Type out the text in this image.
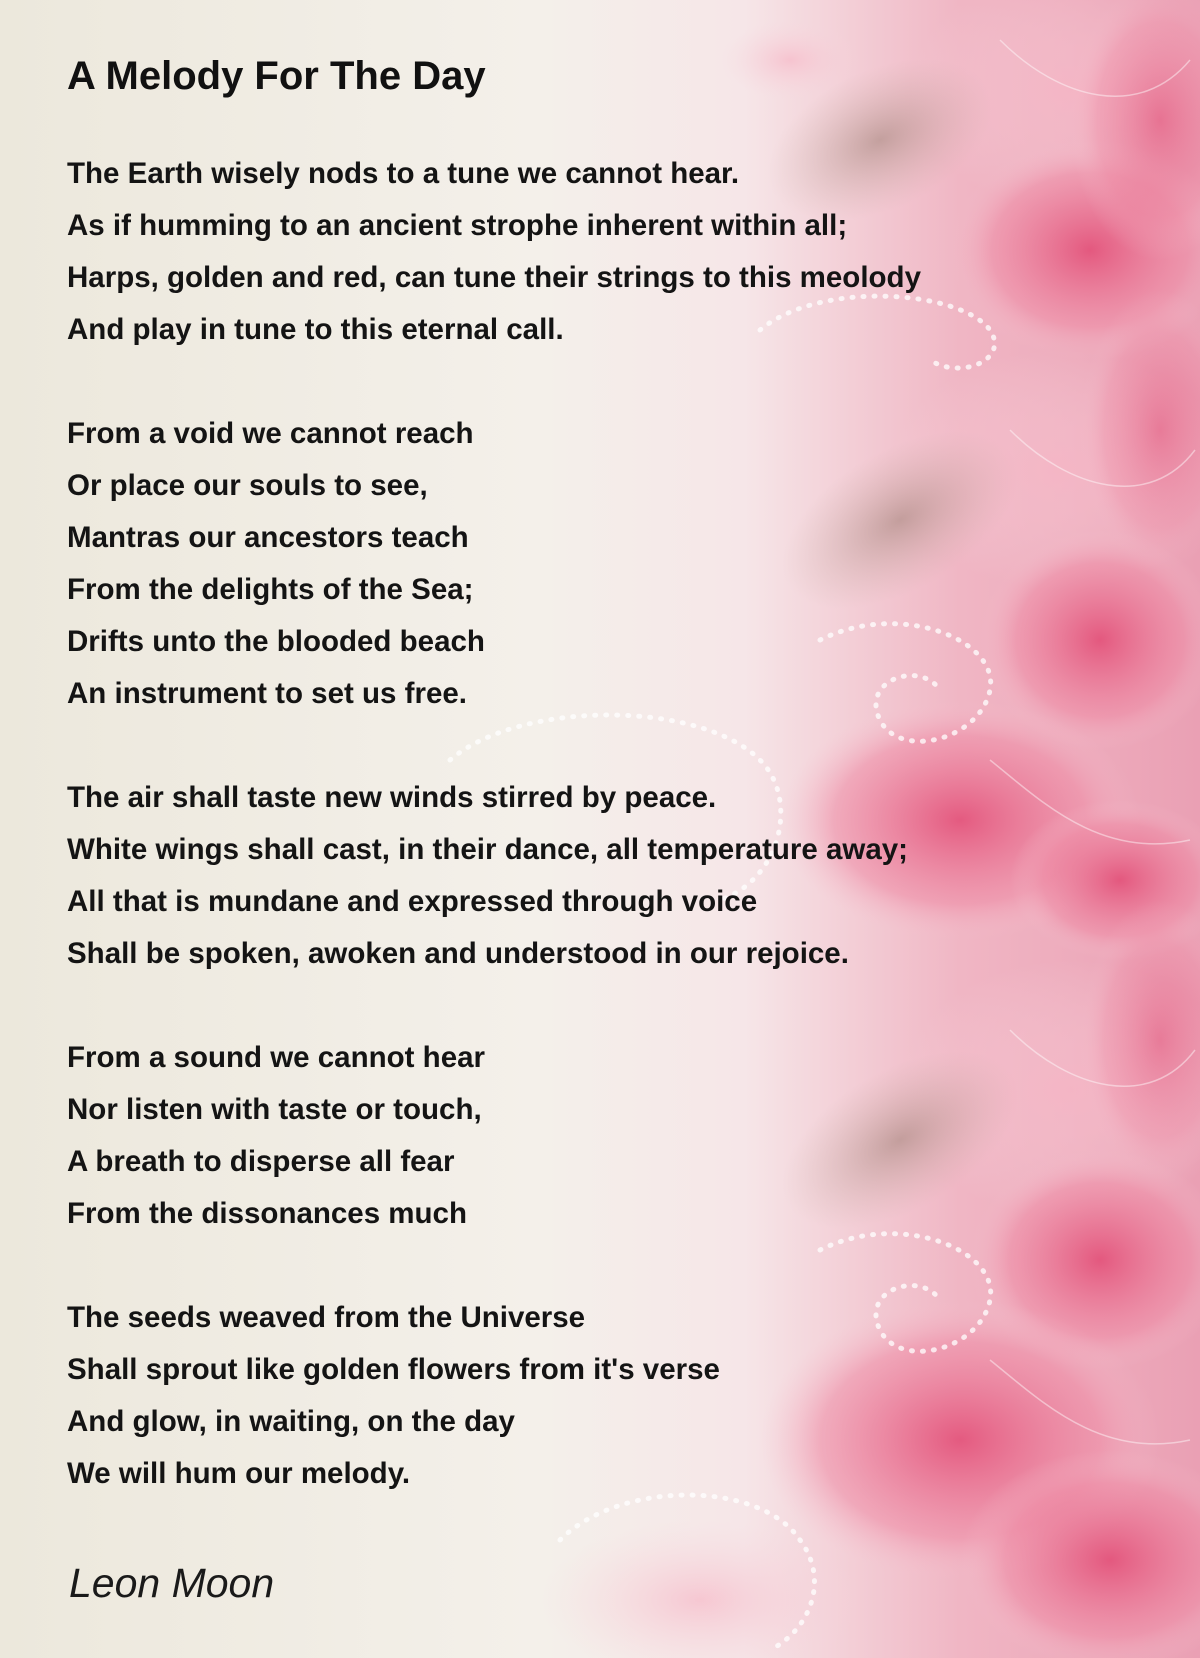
A Melody For The Day
The Earth wisely nods to a tune we cannot hear.
As if humming to an ancient strophe inherent within all;
Harps, golden and red, can tune their strings to this meolody
And play in tune to this eternal call.
From a void we cannot reach
Or place our souls to see,
Mantras our ancestors teach
From the delights of the Sea;
Drifts unto the blooded beach
An instrument to set us free.
The air shall taste new winds stirred by peace.
White wings shall cast, in their dance, all temperature away;
All that is mundane and expressed through voice
Shall be spoken, awoken and understood in our rejoice.
From a sound we cannot hear
Nor listen with taste or touch,
A breath to disperse all fear
From the dissonances much
The seeds weaved from the Universe
Shall sprout like golden flowers from it's verse
And glow, in waiting, on the day
We will hum our melody.

Leon Moon
